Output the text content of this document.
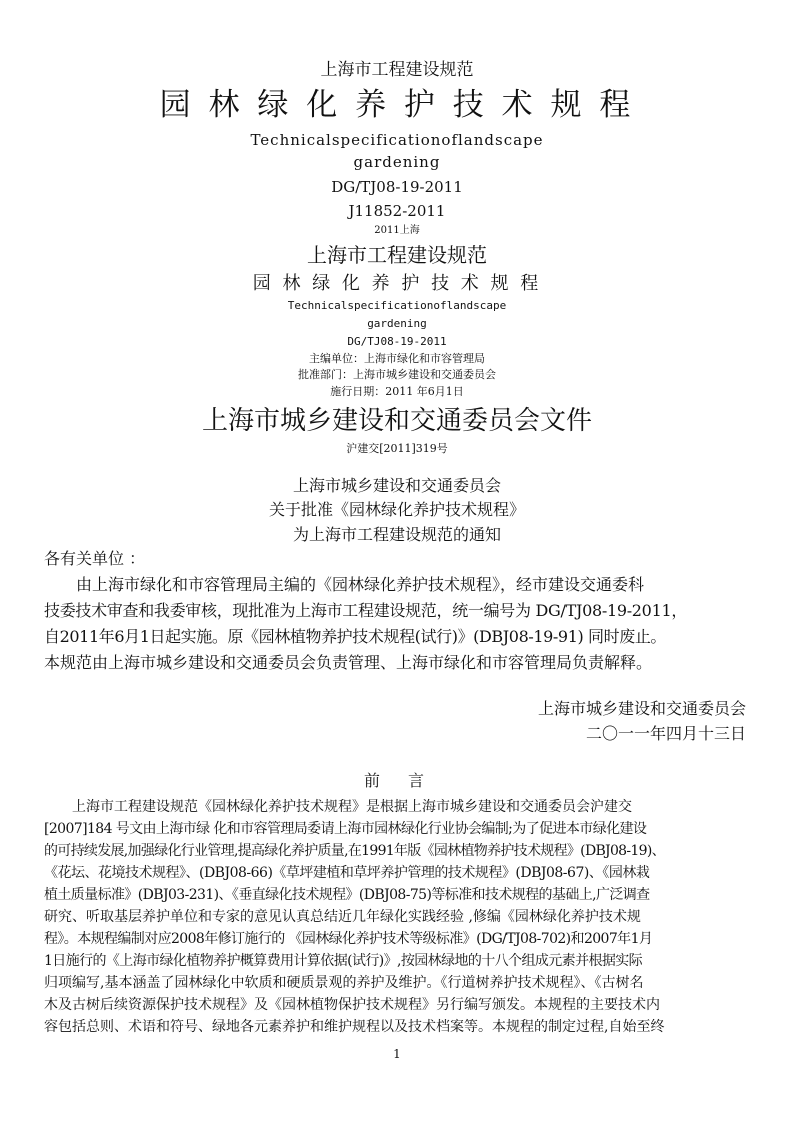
上海市工程建设规范
园 林 绿 化 养 护 技 术 规 程
Technicalspecificationoflandscape
gardening
DG/TJ08-19-2011
J11852-2011
2011上海
上海市工程建设规范
园 林 绿 化 养 护 技 术 规 程
Technicalspecificationoflandscape
gardening
DG/TJ08-19-2011
主编单位：上海市绿化和市容管理局
批准部门：上海市城乡建设和交通委员会
施行日期：2011 年6月1日
上海市城乡建设和交通委员会文件
沪建交[2011]319号
上海市城乡建设和交通委员会
关于批准《园林绿化养护技术规程》
为上海市工程建设规范的通知
各有关单位 ：

　　由上海市绿化和市容管理局主编的《园林绿化养护技术规程》，经市建设交通委科

技委技术审查和我委审核，现批准为上海市工程建设规范，统一编号为 DG/TJ08-19-2011，

自2011年6月1日起实施。原《园林植物养护技术规程(试行)》(DBJ08-19-91) 同时废止。

本规范由上海市城乡建设和交通委员会负责管理、上海市绿化和市容管理局负责解释。

上海市城乡建设和交通委员会
二〇一一年四月十三日
前　言

　　上海市工程建设规范《园林绿化养护技术规程》是根据上海市城乡建设和交通委员会沪建交

[2007]184 号文由上海市绿 化和市容管理局委请上海市园林绿化行业协会编制;为了促进本市绿化建设

的可持续发展,加强绿化行业管理,提高绿化养护质量,在1991年版《园林植物养护技术规程》(DBJ08-19)、

《花坛、花境技术规程》、(DBJ08-66)《草坪建植和草坪养护管理的技术规程》(DBJ08-67)、《园林栽

植土质量标准》(DBJ03-231)、《垂直绿化技术规程》(DBJ08-75)等标准和技术规程的基础上,广泛调查

研究、听取基层养护单位和专家的意见认真总结近几年绿化实践经验 ,修编《园林绿化养护技术规

程》。本规程编制对应2008年修订施行的 《园林绿化养护技术等级标准》(DG/TJ08-702)和2007年1月

1日施行的《上海市绿化植物养护概算费用计算依据(试行)》,按园林绿地的十八个组成元素并根据实际

归项编写,基本涵盖了园林绿化中软质和硬质景观的养护及维护。《行道树养护技术规程》、《古树名

木及古树后续资源保护技术规程》及《园林植物保护技术规程》另行编写颁发。本规程的主要技术内

容包括总则、术语和符号、绿地各元素养护和维护规程以及技术档案等。本规程的制定过程,自始至终

1
